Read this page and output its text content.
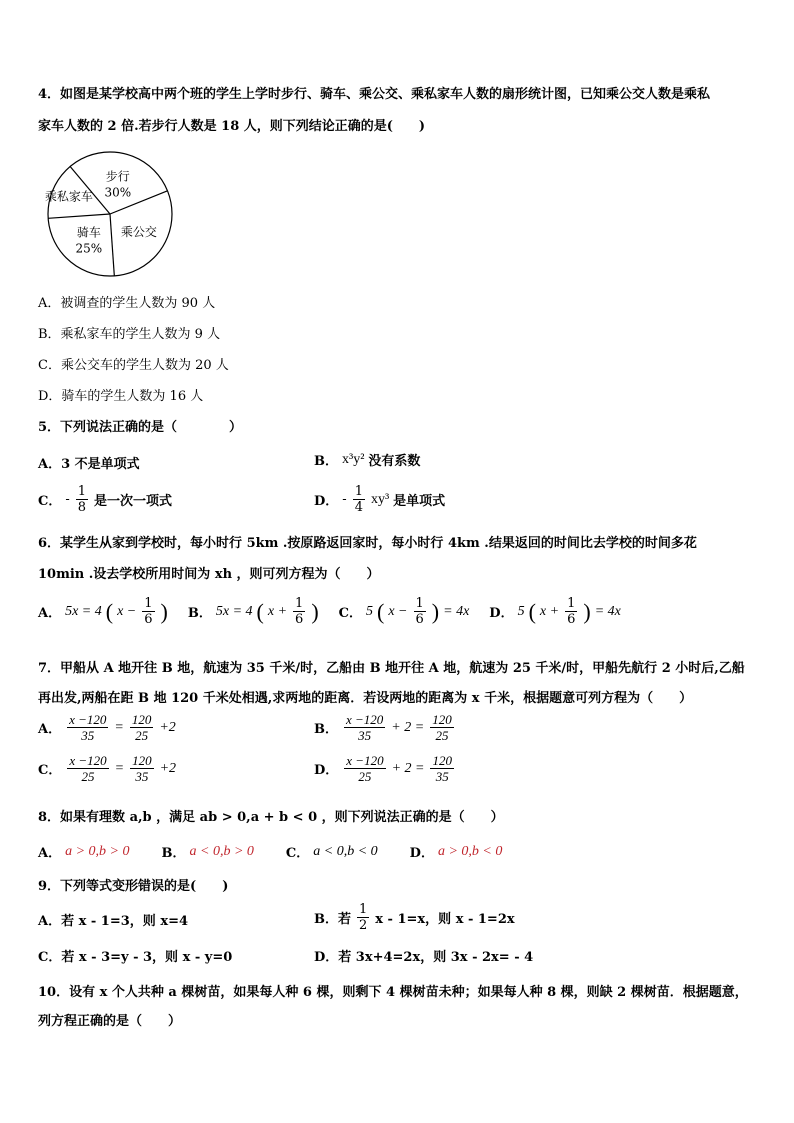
4．如图是某学校高中两个班的学生上学时步行、骑车、乘公交、乘私家车人数的扇形统计图，已知乘公交人数是乘私
家车人数的 2 倍.若步行人数是 18 人，则下列结论正确的是(　　)
步行
30%
乘公交
骑车
25%
乘私家车
A．被调查的学生人数为 90 人
B．乘私家车的学生人数为 9 人
C．乘公交车的学生人数为 20 人
D．骑车的学生人数为 16 人
5．下列说法正确的是（　　　　）
A．3 不是单项式	B． x³y² 没有系数
C． - $\frac{1}{8}$ 是一次一项式	D． - $\frac{1}{4} xy^3$ 是单项式
6．某学生从家到学校时，每小时行 5km .按原路返回家时，每小时行 4km .结果返回的时间比去学校的时间多花
10min .设去学校所用时间为 xh ，则可列方程为（　　）
A． 5x = 4 ( $x - \frac{1}{6}$ ) B． 5x = 4 ( $x + \frac{1}{6}$ ) C． 5 ( $x - \frac{1}{6}$ ) = 4x D． 5 ( $x + \frac{1}{6}$ ) = 4x
7．甲船从 A 地开往 B 地，航速为 35 千米/时，乙船由 B 地开往 A 地，航速为 25 千米/时，甲船先航行 2 小时后,乙船
再出发,两船在距 B 地 120 千米处相遇,求两地的距离．若设两地的距离为 x 千米，根据题意可列方程为（　　）
A． $\frac{x -120}{35} = \frac{120}{25} +2$	B． $\frac{x -120}{35} + 2 = \frac{120}{25}$
C． $\frac{x -120}{25} = \frac{120}{35} +2$	D． $\frac{x -120}{25} + 2 = \frac{120}{35}$
8．如果有理数 a,b ，满足 ab > 0,a + b < 0 ，则下列说法正确的是（　　）
A． a > 0,b > 0 B． a < 0,b > 0 C． a < 0,b < 0 D． a > 0,b < 0
9．下列等式变形错误的是(　　)
A．若 x - 1=3，则 x=4	B．若 $\frac{1}{2}$ x - 1=x，则 x - 1=2x
C．若 x - 3=y - 3，则 x - y=0	D．若 3x+4=2x，则 3x - 2x= - 4
10．设有 x 个人共种 a 棵树苗，如果每人种 6 棵，则剩下 4 棵树苗未种；如果每人种 8 棵，则缺 2 棵树苗．根据题意，
列方程正确的是（　　）
